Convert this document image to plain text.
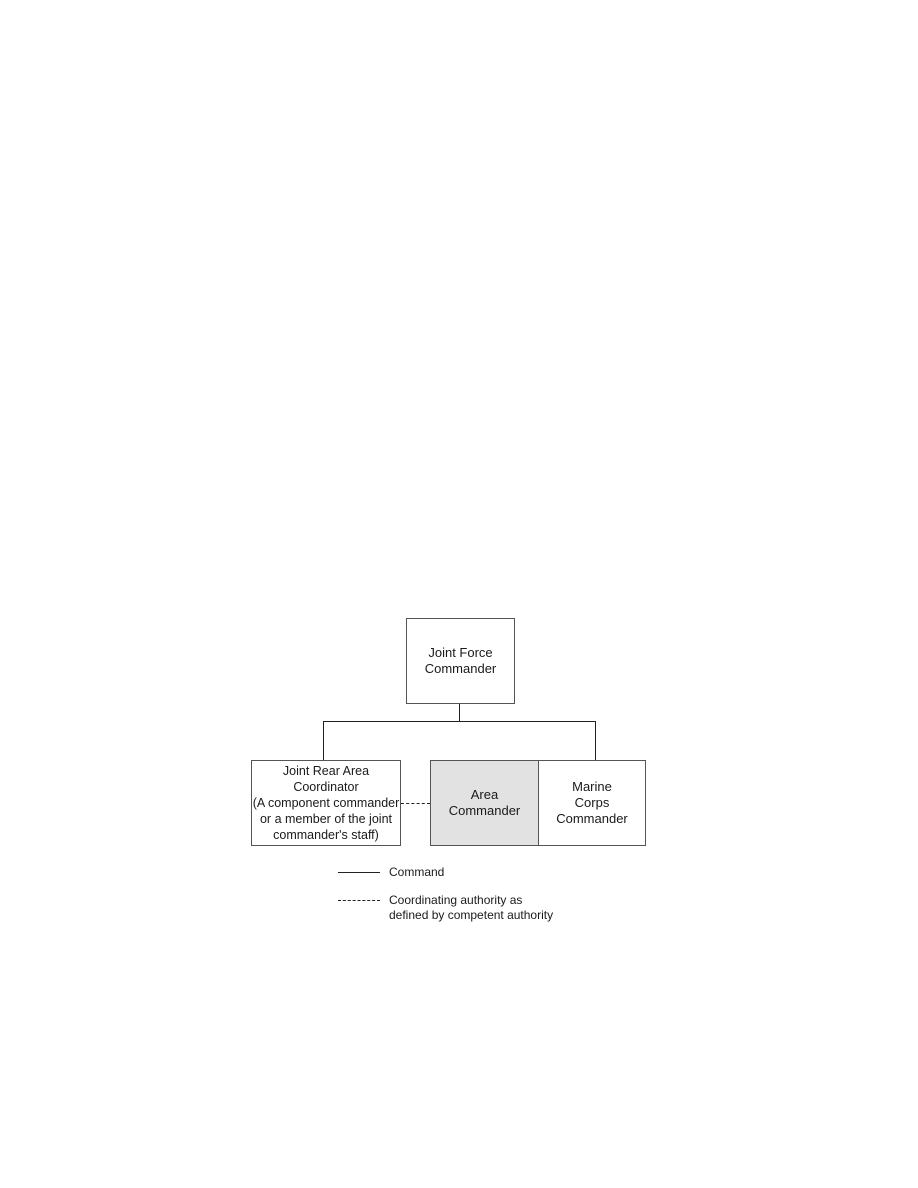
Joint Force
Commander
Joint Rear Area
Coordinator
(A component commander
or a member of the joint
commander's staff)
Area
Commander
Marine
Corps
Commander
Command
Coordinating authority as
defined by competent authority
